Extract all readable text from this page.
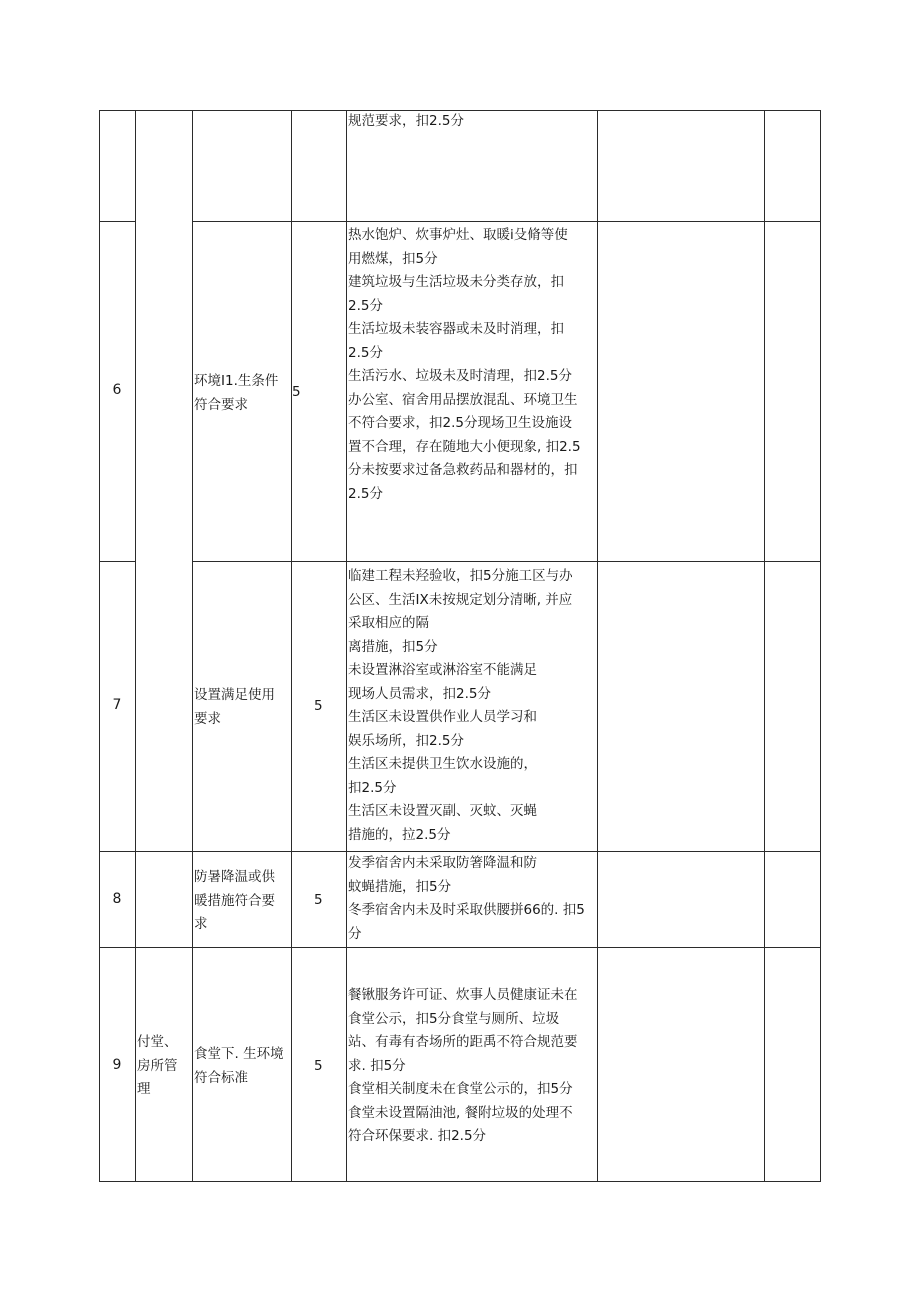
规范要求，扣2.5分
6
环境I1.生条件
符合要求
5
热水饱炉、炊事炉灶、取暖i殳脩等使
用燃煤，扣5分
建筑垃圾与生活垃圾未分类存放，扣
2.5分
生活垃圾未装容器或未及时消理，扣
2.5分
生活污水、垃圾未及时清理，扣2.5分
办公室、宿舍用品摆放混乱、环境卫生
不符合要求，扣2.5分现场卫生设施设
置不合理，存在随地大小便现象, 扣2.5
分未按要求过备急救药品和器材的，扣
2.5分
7
设置满足使用
要求
5
临建工程未羟验收，扣5分施工区与办
公区、生活IX未按规定划分清晰, 并应
采取相应的隔
离措施，扣5分
未设置淋浴室或淋浴室不能满足
现场人员需求，扣2.5分
生活区未设置供作业人员学习和
娱乐场所，扣2.5分
生活区未提供卫生饮水设施的，
扣2.5分
生活区未设置灭副、灭蚊、灭蝇
措施的，拉2.5分
8
防暑降温或供
暖措施符合要
求
5
发季宿舍内未采取防箸降温和防
蚊蝇措施，扣5分
冬季宿舍内未及时采取供腰拼66的. 扣5
分
9
付堂、
房所管
理
食堂下. 生环境
符合标准
5
餐锹服务许可证、炊事人员健康证未在
食堂公示，扣5分食堂与厕所、垃圾
站、有毒有杏场所的距禹不符合规范要
求. 扣5分
食堂相关制度未在食堂公示的，扣5分
食堂未设置隔油池, 餐附垃圾的处理不
符合环保要求. 扣2.5分
